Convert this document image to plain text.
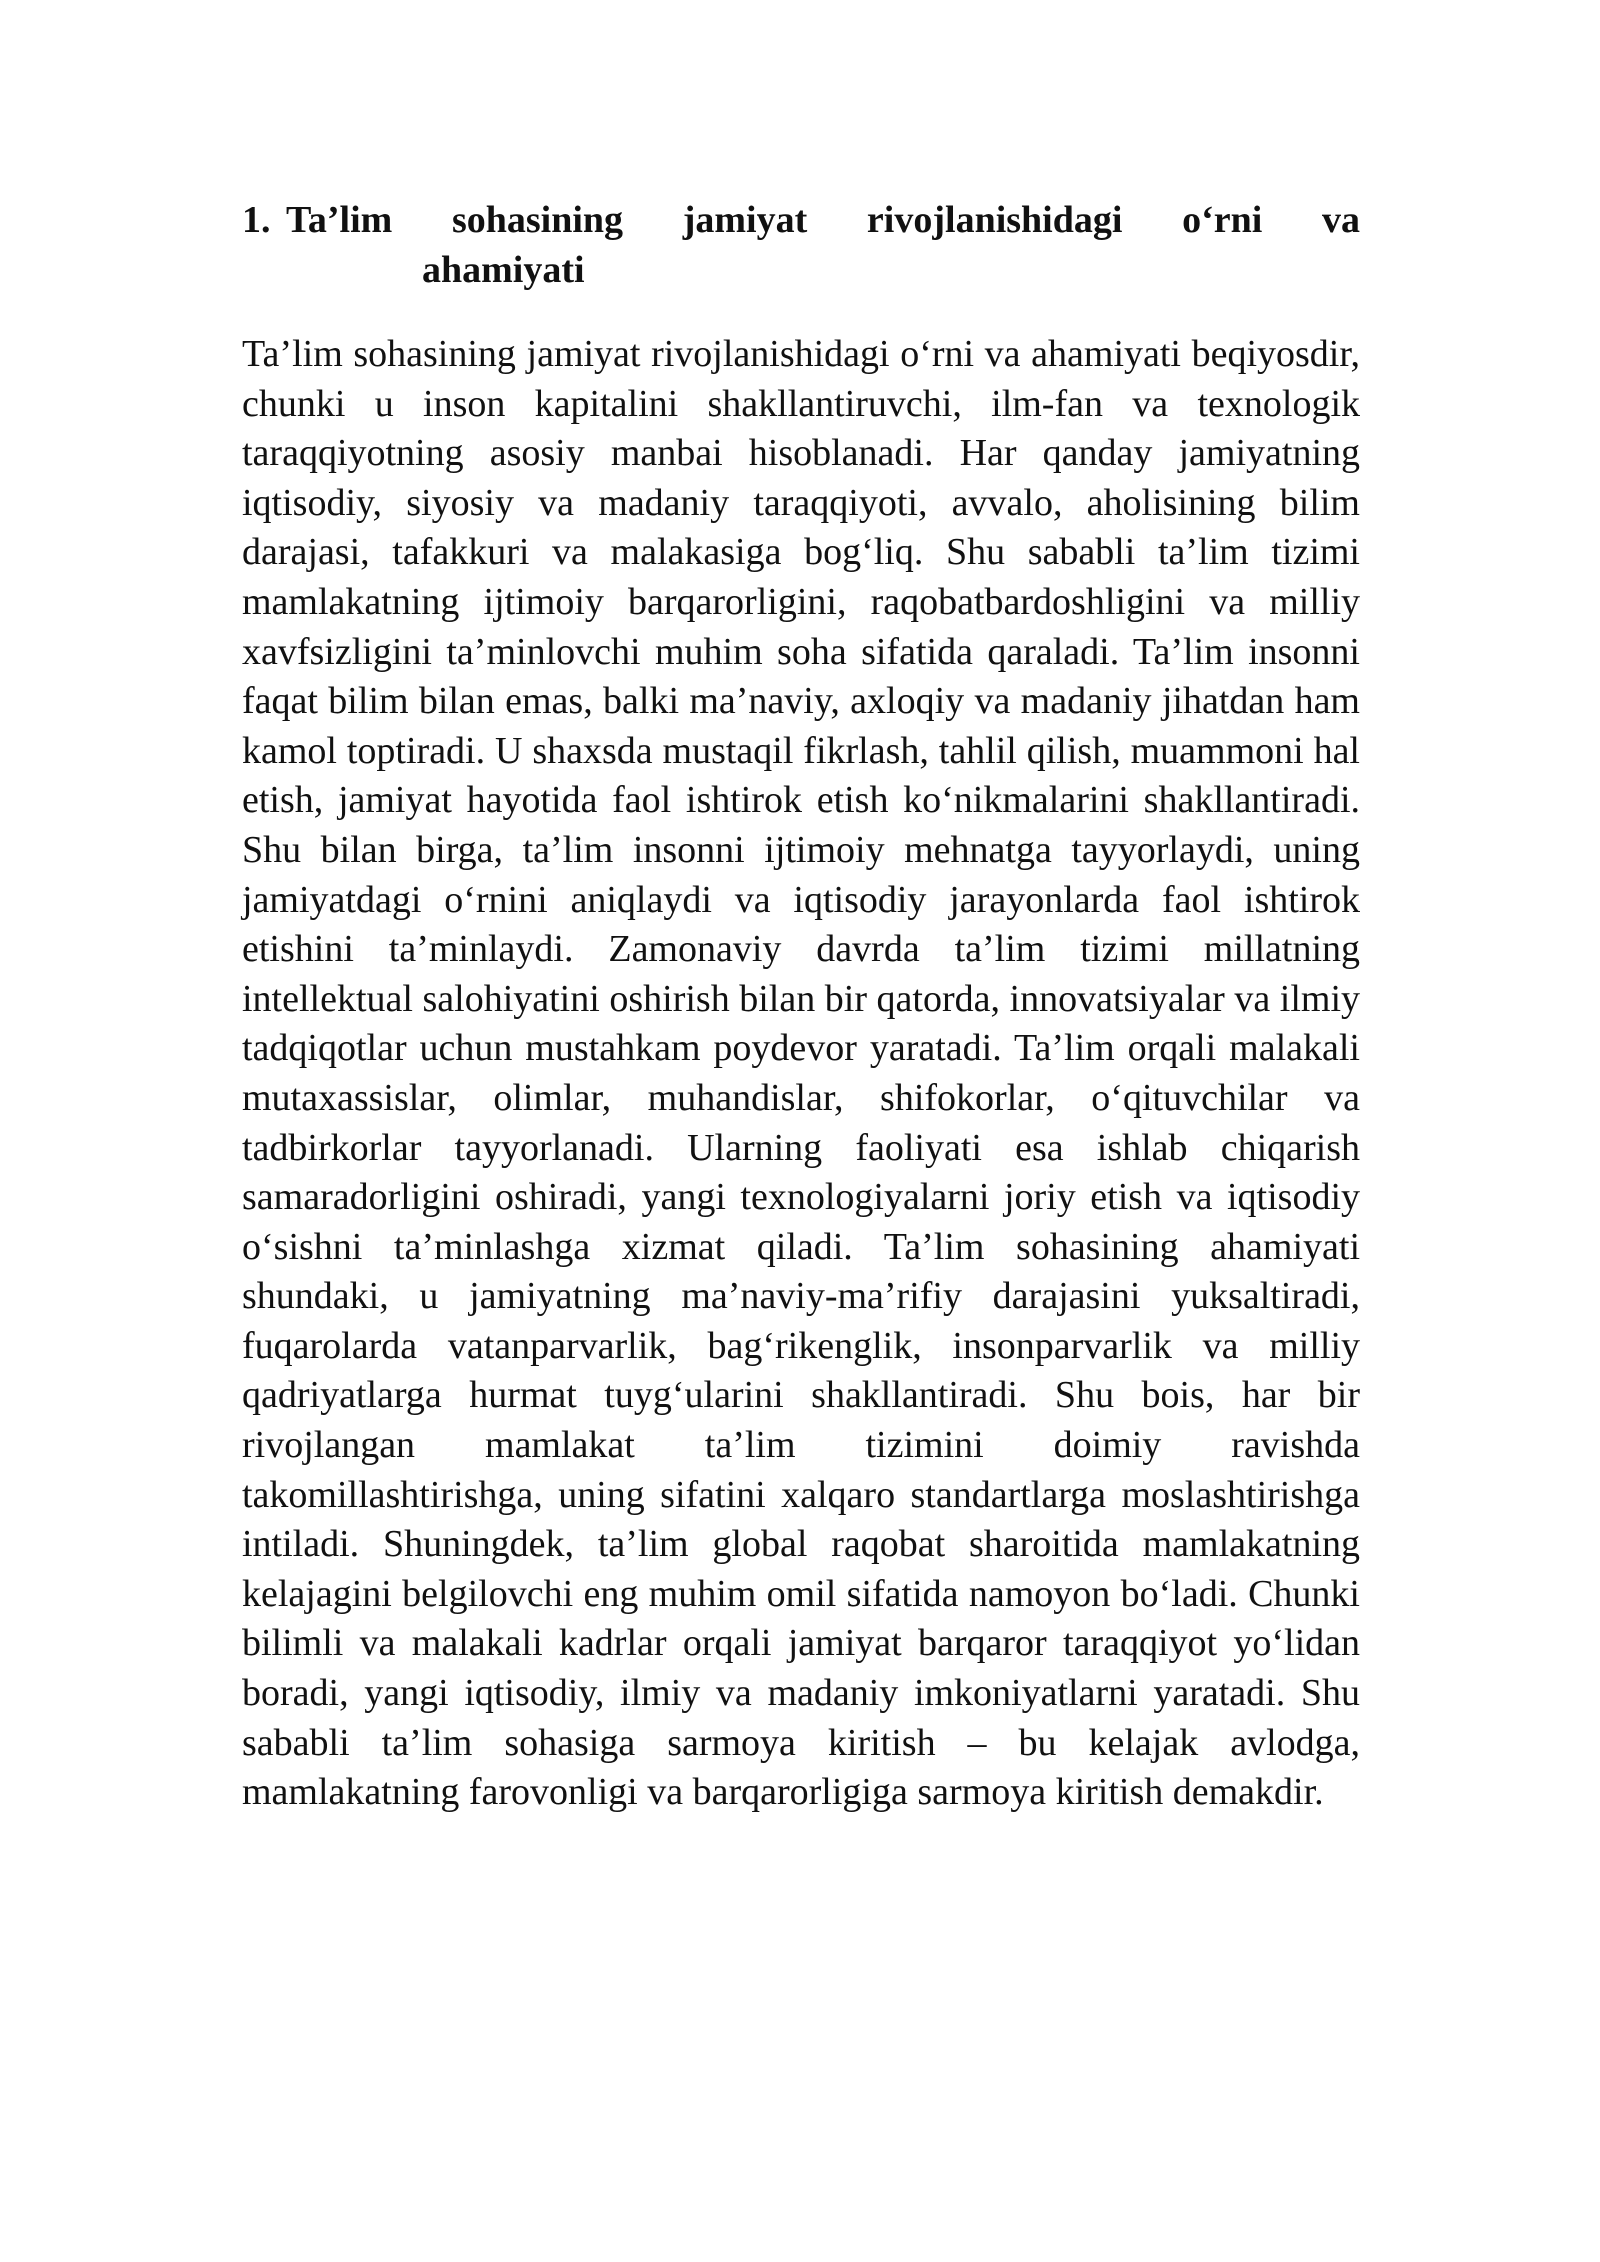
1. Ta’lim sohasining jamiyat rivojlanishidagi o‘rni va
ahamiyati

Ta’lim sohasining jamiyat rivojlanishidagi o‘rni va ahamiyati beqiyosdir, chunki u inson kapitalini shakllantiruvchi, ilm-fan va texnologik taraqqiyotning asosiy manbai hisoblanadi. Har qanday jamiyatning iqtisodiy, siyosiy va madaniy taraqqiyoti, avvalo, aholisining bilim darajasi, tafakkuri va malakasiga bog‘liq. Shu sababli ta’lim tizimi mamlakatning ijtimoiy barqarorligini, raqobatbardoshligini va milliy xavfsizligini ta’minlovchi muhim soha sifatida qaraladi. Ta’lim insonni faqat bilim bilan emas, balki ma’naviy, axloqiy va madaniy jihatdan ham kamol toptiradi. U shaxsda mustaqil fikrlash, tahlil qilish, muammoni hal etish, jamiyat hayotida faol ishtirok etish ko‘nikmalarini shakllantiradi. Shu bilan birga, ta’lim insonni ijtimoiy mehnatga tayyorlaydi, uning jamiyatdagi o‘rnini aniqlaydi va iqtisodiy jarayonlarda faol ishtirok etishini ta’minlaydi. Zamonaviy davrda ta’lim tizimi millatning intellektual salohiyatini oshirish bilan bir qatorda, innovatsiyalar va ilmiy tadqiqotlar uchun mustahkam poydevor yaratadi. Ta’lim orqali malakali mutaxassislar, olimlar, muhandislar, shifokorlar, o‘qituvchilar va tadbirkorlar tayyorlanadi. Ularning faoliyati esa ishlab chiqarish samaradorligini oshiradi, yangi texnologiyalarni joriy etish va iqtisodiy o‘sishni ta’minlashga xizmat qiladi. Ta’lim sohasining ahamiyati shundaki, u jamiyatning ma’naviy-ma’rifiy darajasini yuksaltiradi, fuqarolarda vatanparvarlik, bag‘rikenglik, insonparvarlik va milliy qadriyatlarga hurmat tuyg‘ularini shakllantiradi. Shu bois, har bir rivojlangan mamlakat ta’lim tizimini doimiy ravishda takomillashtirishga, uning sifatini xalqaro standartlarga moslashtirishga intiladi. Shuningdek, ta’lim global raqobat sharoitida mamlakatning kelajagini belgilovchi eng muhim omil sifatida namoyon bo‘ladi. Chunki bilimli va malakali kadrlar orqali jamiyat barqaror taraqqiyot yo‘lidan boradi, yangi iqtisodiy, ilmiy va madaniy imkoniyatlarni yaratadi. Shu sababli ta’lim sohasiga sarmoya kiritish – bu kelajak avlodga, mamlakatning farovonligi va barqarorligiga sarmoya kiritish demakdir.
